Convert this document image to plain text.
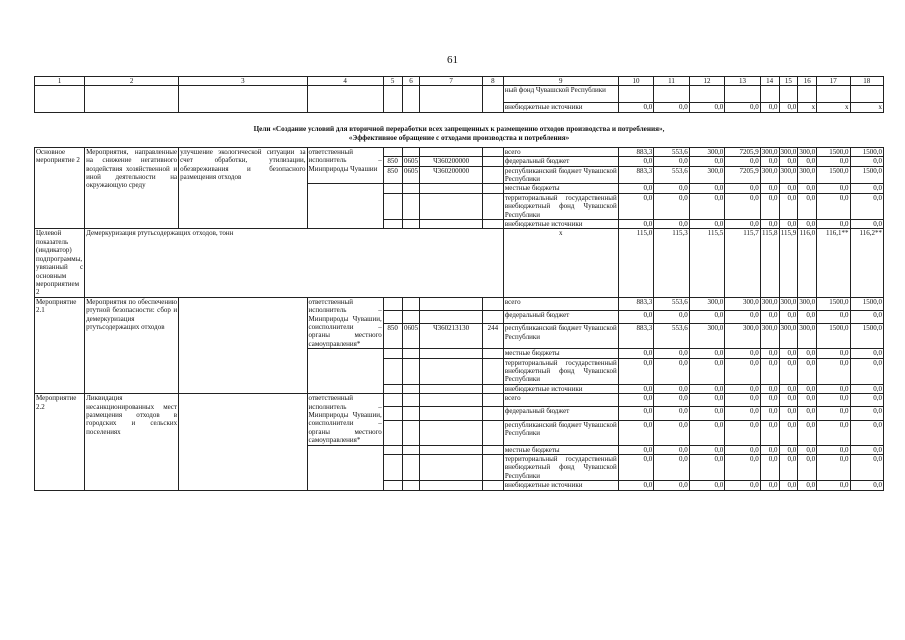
61
1	2	3	4	5	6	7	8	9	10	11	12	13	14	15	16	17	18
								ный фонд Чувашской Республики									
								внебюджетные источники	0,0	0,0	0,0	0,0	0,0	0,0	x	x	x

Цели «Создание условий для вторичной переработки всех запрещенных к размещению отходов производства и потребления»,
«Эффективное обращение с отходами производства и потребления»																	

Основное мероприятие 2	Мероприятия, направленные на снижение негативного воздействия хозяйственной и иной деятельности на окружающую среду	улучшение экологической ситуации за счет обработки, утилизации, обезвреживания и безопасного размещения отходов	ответственный исполнитель – Минприроды Чувашии					всего	883,3	553,6	300,0	7205,9	300,0	300,0	300,0	1500,0	1500,0
				850	0605	Ч360200000		федеральный бюджет	0,0	0,0	0,0	0,0	0,0	0,0	0,0	0,0	0,0
				850	0605	Ч360200000		республиканский бюджет Чувашской Республики	883,3	553,6	300,0	7205,9	300,0	300,0	300,0	1500,0	1500,0
								местные бюджеты	0,0	0,0	0,0	0,0	0,0	0,0	0,0	0,0	0,0
								территориальный государственный внебюджетный фонд Чувашской Республики	0,0	0,0	0,0	0,0	0,0	0,0	0,0	0,0	0,0
								внебюджетные источники	0,0	0,0	0,0	0,0	0,0	0,0	0,0	0,0	0,0
Целевой показатель (индикатор) подпрограммы, увязанный с основным мероприятием 2	Демеркуризация ртутьсодержащих отходов, тонн							x	115,0	115,3	115,5	115,7	115,8	115,9	116,0	116,1**	116,2**
Мероприятие 2.1	Мероприятия по обеспечению ртутной безопасности: сбор и демеркуризация ртутьсодержащих отходов		ответственный исполнитель – Минприроды Чувашии, соисполнители – органы местного самоуправления*					всего	883,3	553,6	300,0	300,0	300,0	300,0	300,0	1500,0	1500,0
								федеральный бюджет	0,0	0,0	0,0	0,0	0,0	0,0	0,0	0,0	0,0
				850	0605	Ч360213130	244	республиканский бюджет Чувашской Республики	883,3	553,6	300,0	300,0	300,0	300,0	300,0	1500,0	1500,0
								местные бюджеты	0,0	0,0	0,0	0,0	0,0	0,0	0,0	0,0	0,0
								территориальный государственный внебюджетный фонд Чувашской Республики	0,0	0,0	0,0	0,0	0,0	0,0	0,0	0,0	0,0
								внебюджетные источники	0,0	0,0	0,0	0,0	0,0	0,0	0,0	0,0	0,0
Мероприятие 2.2	Ликвидация несанкционированных мест размещения отходов в городских и сельских поселениях		ответственный исполнитель – Минприроды Чувашии, соисполнители – органы местного самоуправления*					всего	0,0	0,0	0,0	0,0	0,0	0,0	0,0	0,0	0,0
								федеральный бюджет	0,0	0,0	0,0	0,0	0,0	0,0	0,0	0,0	0,0
								республиканский бюджет Чувашской Республики	0,0	0,0	0,0	0,0	0,0	0,0	0,0	0,0	0,0
								местные бюджеты	0,0	0,0	0,0	0,0	0,0	0,0	0,0	0,0	0,0
								территориальный государственный внебюджетный фонд Чувашской Республики	0,0	0,0	0,0	0,0	0,0	0,0	0,0	0,0	0,0
								внебюджетные источники	0,0	0,0	0,0	0,0	0,0	0,0	0,0	0,0	0,0
